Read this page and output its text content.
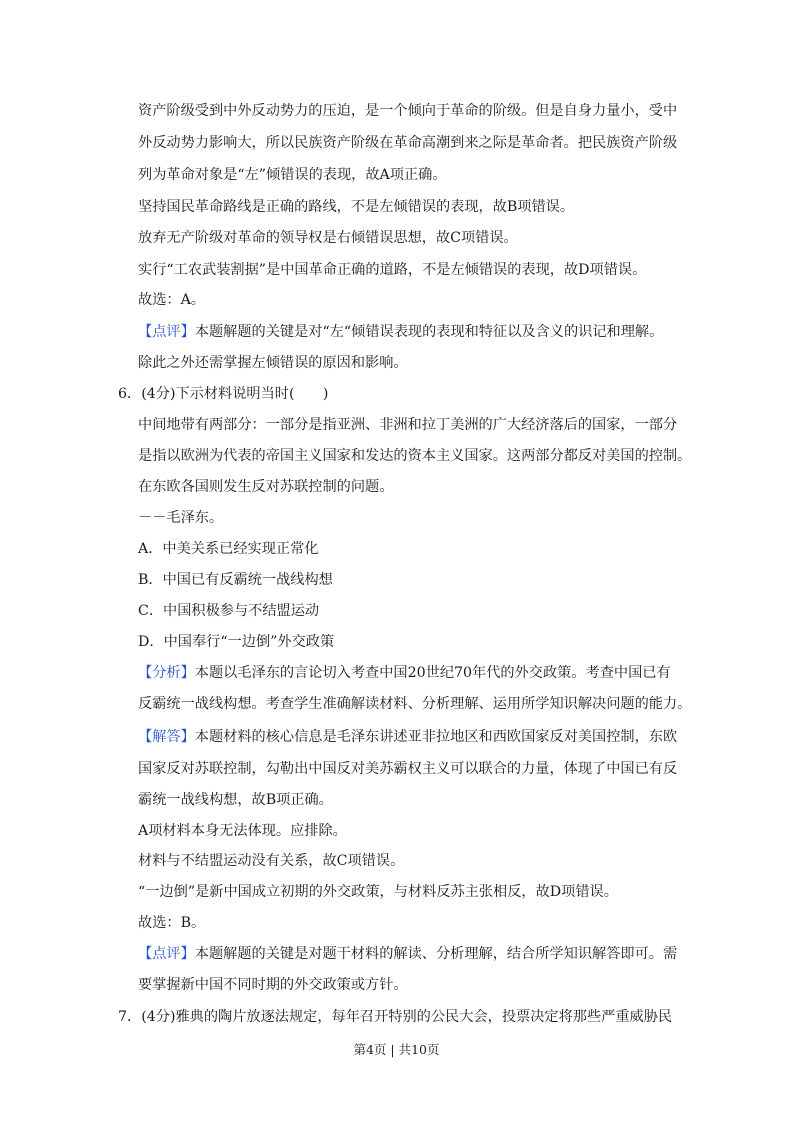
资产阶级受到中外反动势力的压迫，是一个倾向于革命的阶级。但是自身力量小，受中
外反动势力影响大，所以民族资产阶级在革命高潮到来之际是革命者。把民族资产阶级
列为革命对象是“左”倾错误的表现，故A项正确。
坚持国民革命路线是正确的路线，不是左倾错误的表现，故B项错误。
放弃无产阶级对革命的领导权是右倾错误思想，故C项错误。
实行“工农武装割据”是中国革命正确的道路，不是左倾错误的表现，故D项错误。
故选：A。
【点评】本题解题的关键是对“左“倾错误表现的表现和特征以及含义的识记和理解。
除此之外还需掌握左倾错误的原因和影响。
6．(4分)下示材料说明当时(　　)
中间地带有两部分：一部分是指亚洲、非洲和拉丁美洲的广大经济落后的国家，一部分
是指以欧洲为代表的帝国主义国家和发达的资本主义国家。这两部分都反对美国的控制。
在东欧各国则发生反对苏联控制的问题。
－－毛泽东。
A．中美关系已经实现正常化
B．中国已有反霸统一战线构想
C．中国积极参与不结盟运动
D．中国奉行“一边倒”外交政策
【分析】本题以毛泽东的言论切入考查中国20世纪70年代的外交政策。考查中国已有
反霸统一战线构想。考查学生准确解读材料、分析理解、运用所学知识解决问题的能力。
【解答】本题材料的核心信息是毛泽东讲述亚非拉地区和西欧国家反对美国控制，东欧
国家反对苏联控制，勾勒出中国反对美苏霸权主义可以联合的力量，体现了中国已有反
霸统一战线构想，故B项正确。
A项材料本身无法体现。应排除。
材料与不结盟运动没有关系，故C项错误。
“一边倒”是新中国成立初期的外交政策，与材料反苏主张相反，故D项错误。
故选：B。
【点评】本题解题的关键是对题干材料的解读、分析理解，结合所学知识解答即可。需
要掌握新中国不同时期的外交政策或方针。
7．(4分)雅典的陶片放逐法规定，每年召开特别的公民大会，投票决定将那些严重威胁民
第4页 | 共10页
